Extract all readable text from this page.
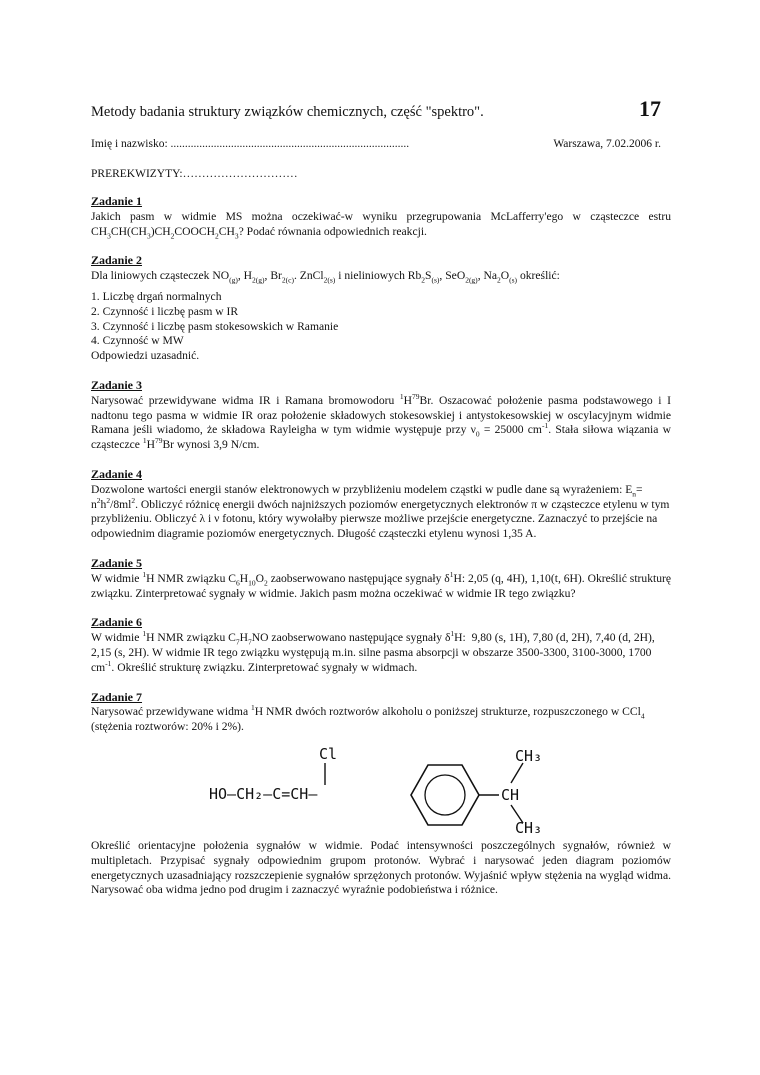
Metody badania struktury związków chemicznych, część "spektro".	17
Imię i nazwisko: ...................................................................................	Warszawa, 7.02.2006 r.
PREREKWIZYTY:…………………………
Zadanie 1

Jakich pasm w widmie MS można oczekiwać-w wyniku przegrupowania McLafferry'ego w cząsteczce estru $CH_3CH(CH_3)CH_2COOCH_2CH_3$? Podać równania odpowiednich reakcji.

Zadanie 2

Dla liniowych cząsteczek $NO_{(g)}$, $H_{2(g)}$, $Br_{2(c)}$. ZnCl$_{2(s)}$ i nieliniowych $Rb_2S_{(s)}$, SeO$_{2(g)}$, $Na_2O_{(s)}$ określić:

1. Liczbę drgań normalnych
2. Czynność i liczbę pasm w IR
3. Czynność i liczbę pasm stokesowskich w Ramanie
4. Czynność w MW

Odpowiedzi uzasadnić.

Zadanie 3

Narysować przewidywane widma IR i Ramana bromowodoru $^1H^{79}Br$. Oszacować położenie pasma podstawowego i I nadtonu tego pasma w widmie IR oraz położenie składowych stokesowskiej i antystokesowskiej w oscylacyjnym widmie Ramana jeśli wiadomo, że składowa Rayleigha w tym widmie występuje przy $\nu_0 = 25000$ $cm^{-1}$. Stała siłowa wiązania w cząsteczce $^1H^{79}Br$ wynosi 3,9 N/cm.

Zadanie 4

Dozwolone wartości energii stanów elektronowych w przybliżeniu modelem cząstki w pudle dane są wyrażeniem: $E_n= n^2h^2/8ml^2$. Obliczyć różnicę energii dwóch najniższych poziomów energetycznych elektronów π w cząsteczce etylenu w tym przybliżeniu. Obliczyć λ i ν fotonu, który wywołałby pierwsze możliwe przejście energetyczne. Zaznaczyć to przejście na odpowiednim diagramie poziomów energetycznych. Długość cząsteczki etylenu wynosi 1,35 A.

Zadanie 5

W widmie $^1$H NMR związku $C_6H_{10}O_2$ zaobserwowano następujące sygnały $\delta^1H$: 2,05 (q, 4H), 1,10(t, 6H). Określić strukturę związku. Zinterpretować sygnały w widmie. Jakich pasm można oczekiwać w widmie IR tego związku?

Zadanie 6

W widmie $^1$H NMR związku $C_7H_7NO$ zaobserwowano następujące sygnały $\delta^1H$:  9,80 (s, 1H), 7,80 (d, 2H), 7,40 (d, 2H), 2,15 (s, 2H). W widmie IR tego związku występują m.in. silne pasma absorpcji w obszarze 3500-3300, 3100-3000, 1700 $cm^{-1}$. Określić strukturę związku. Zinterpretować sygnały w widmach.

Zadanie 7

Narysować przewidywane widma $^1$H NMR dwóch roztworów alkoholu o poniższej strukturze, rozpuszczonego w CCl$_4$ (stężenia roztworów: 20% i 2%).

HO—CH₂—C=CH—
Cl
CH
CH₃
CH₃

Określić orientacyjne położenia sygnałów w widmie. Podać intensywności poszczególnych sygnałów, również w multipletach. Przypisać sygnały odpowiednim grupom protonów. Wybrać i narysować jeden diagram poziomów energetycznych uzasadniający rozszczepienie sygnałów sprzężonych protonów. Wyjaśnić wpływ stężenia na wygląd widma. Narysować oba widma jedno pod drugim i zaznaczyć wyraźnie podobieństwa i różnice.
